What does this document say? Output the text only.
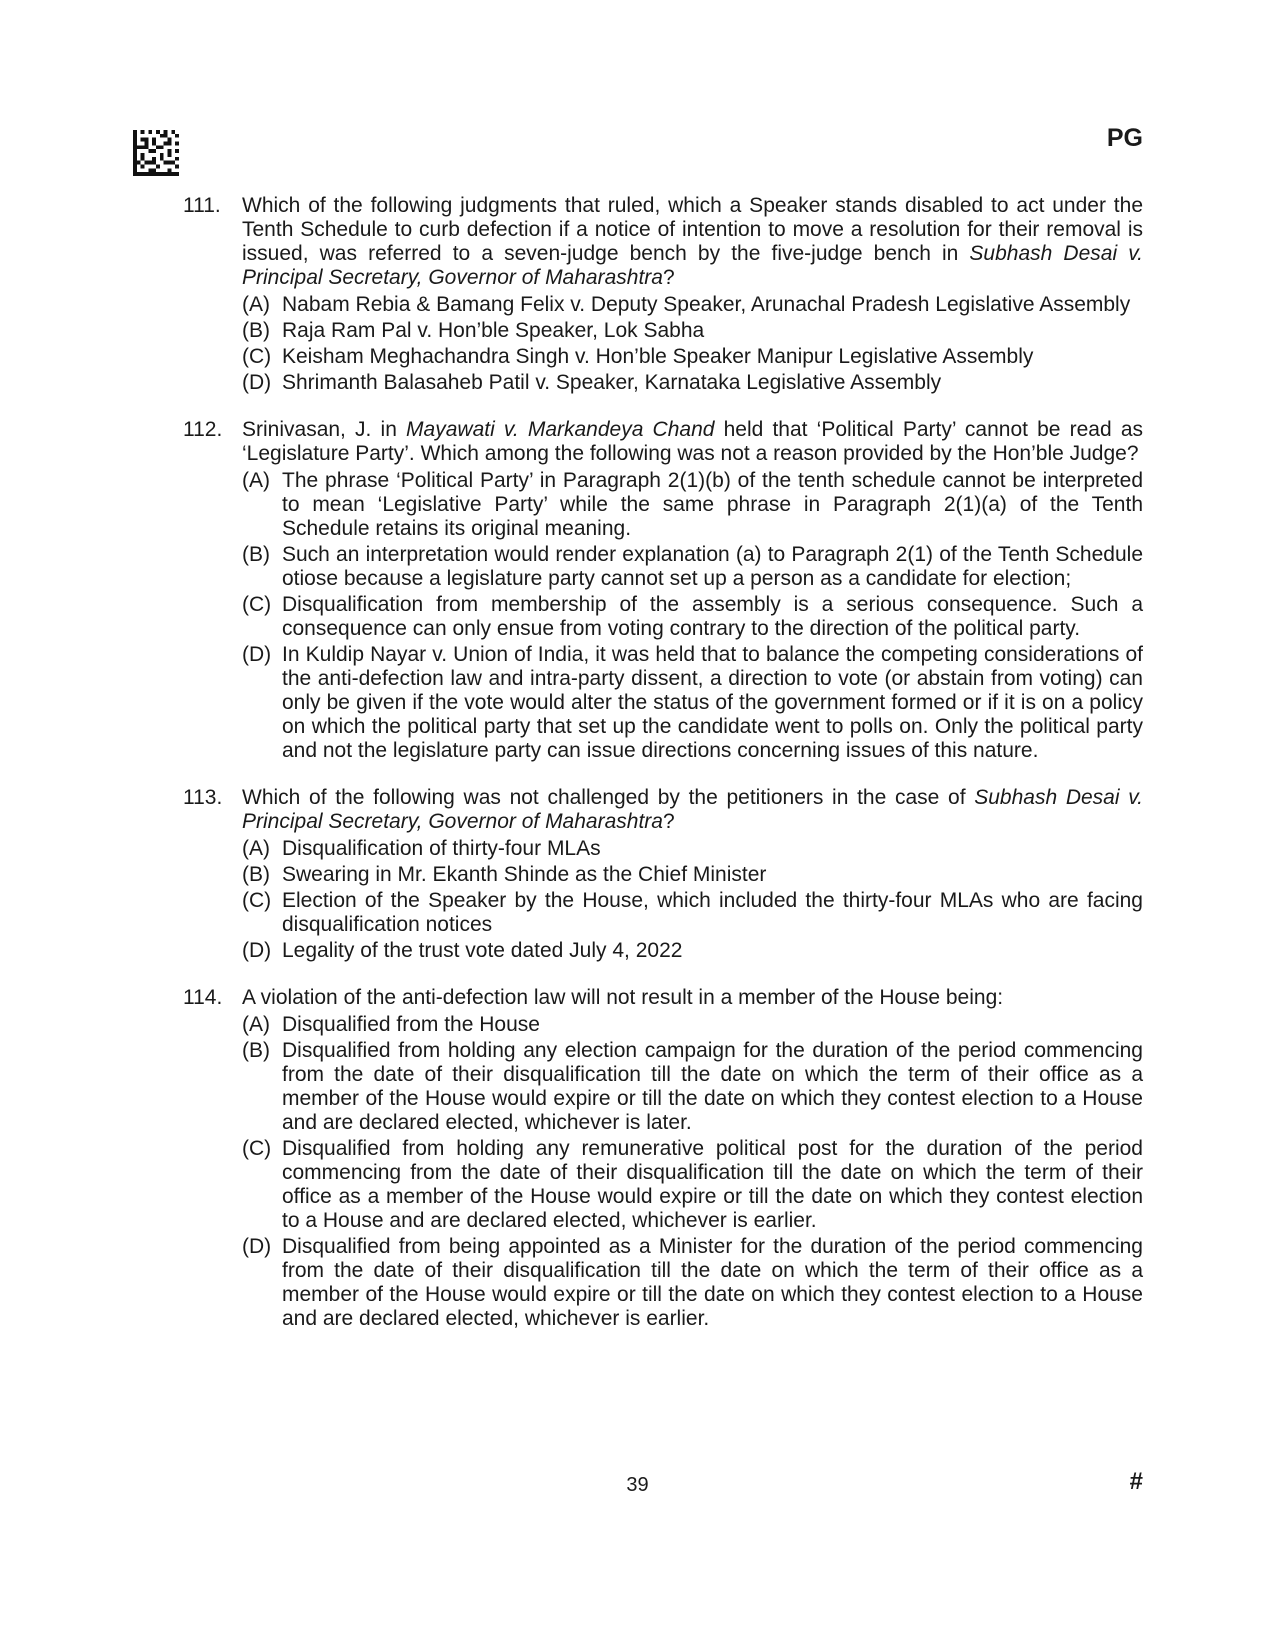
PG
111.	Which of the following judgments that ruled, which a Speaker stands disabled to act under the Tenth Schedule to curb defection if a notice of intention to move a resolution for their removal is issued, was referred to a seven-judge bench by the five-judge bench in Subhash Desai v. Principal Secretary, Governor of Maharashtra?
(A) Nabam Rebia & Bamang Felix v. Deputy Speaker, Arunachal Pradesh Legislative Assembly
(B) Raja Ram Pal v. Hon’ble Speaker, Lok Sabha
(C) Keisham Meghachandra Singh v. Hon’ble Speaker Manipur Legislative Assembly
(D) Shrimanth Balasaheb Patil v. Speaker, Karnataka Legislative Assembly
112. Srinivasan, J. in Mayawati v. Markandeya Chand held that ‘Political Party’ cannot be read as ‘Legislature Party’. Which among the following was not a reason provided by the Hon’ble Judge?
(A) The phrase ‘Political Party’ in Paragraph 2(1)(b) of the tenth schedule cannot be interpreted to mean ‘Legislative Party’ while the same phrase in Paragraph 2(1)(a) of the Tenth Schedule retains its original meaning.
(B) Such an interpretation would render explanation (a) to Paragraph 2(1) of the Tenth Schedule otiose because a legislature party cannot set up a person as a candidate for election;
(C) Disqualification from membership of the assembly is a serious consequence. Such a consequence can only ensue from voting contrary to the direction of the political party.
(D) In Kuldip Nayar v. Union of India, it was held that to balance the competing considerations of the anti-defection law and intra-party dissent, a direction to vote (or abstain from voting) can only be given if the vote would alter the status of the government formed or if it is on a policy on which the political party that set up the candidate went to polls on. Only the political party and not the legislature party can issue directions concerning issues of this nature.
113. Which of the following was not challenged by the petitioners in the case of Subhash Desai v. Principal Secretary, Governor of Maharashtra?
(A) Disqualification of thirty-four MLAs
(B) Swearing in Mr. Ekanth Shinde as the Chief Minister
(C) Election of the Speaker by the House, which included the thirty-four MLAs who are facing disqualification notices
(D) Legality of the trust vote dated July 4, 2022
114. A violation of the anti-defection law will not result in a member of the House being:
(A) Disqualified from the House
(B) Disqualified from holding any election campaign for the duration of the period commencing from the date of their disqualification till the date on which the term of their office as a member of the House would expire or till the date on which they contest election to a House and are declared elected, whichever is later.
(C) Disqualified from holding any remunerative political post for the duration of the period commencing from the date of their disqualification till the date on which the term of their office as a member of the House would expire or till the date on which they contest election to a House and are declared elected, whichever is earlier.
(D) Disqualified from being appointed as a Minister for the duration of the period commencing from the date of their disqualification till the date on which the term of their office as a member of the House would expire or till the date on which they contest election to a House and are declared elected, whichever is earlier.
39	#
